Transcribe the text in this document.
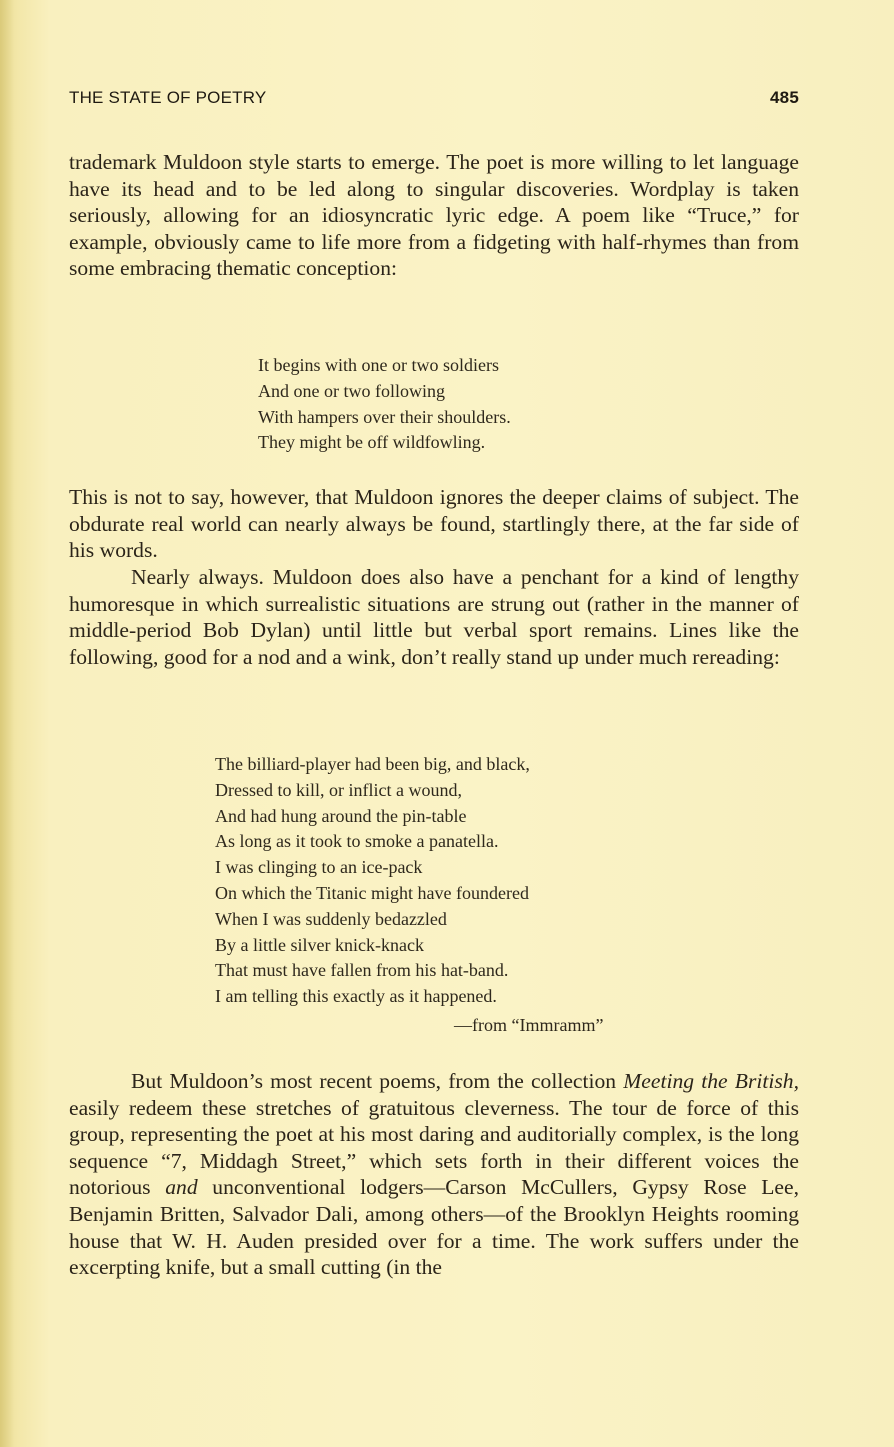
THE STATE OF POETRY	485

trademark Muldoon style starts to emerge. The poet is more willing to let language have its head and to be led along to singular discoveries. Wordplay is taken seriously, allowing for an idiosyncratic lyric edge. A poem like “Truce,” for example, obviously came to life more from a fidgeting with half-rhymes than from some embracing thematic conception:

It begins with one or two soldiers
And one or two following
With hampers over their shoulders.
They might be off wildfowling.

This is not to say, however, that Muldoon ignores the deeper claims of subject. The obdurate real world can nearly always be found, startlingly there, at the far side of his words.

Nearly always. Muldoon does also have a penchant for a kind of lengthy humoresque in which surrealistic situations are strung out (rather in the manner of middle-period Bob Dylan) until little but verbal sport remains. Lines like the following, good for a nod and a wink, don’t really stand up under much rereading:

The billiard-player had been big, and black,
Dressed to kill, or inflict a wound,
And had hung around the pin-table
As long as it took to smoke a panatella.
I was clinging to an ice-pack
On which the Titanic might have foundered
When I was suddenly bedazzled
By a little silver knick-knack
That must have fallen from his hat-band.
I am telling this exactly as it happened.
—from “Immramm”

But Muldoon’s most recent poems, from the collection Meeting the British, easily redeem these stretches of gratuitous cleverness. The tour de force of this group, representing the poet at his most daring and auditorially complex, is the long sequence “7, Middagh Street,” which sets forth in their different voices the notorious and unconventional lodgers—Carson McCullers, Gypsy Rose Lee, Benjamin Britten, Salvador Dali, among others—of the Brooklyn Heights rooming house that W. H. Auden presided over for a time. The work suffers under the excerpting knife, but a small cutting (in the
